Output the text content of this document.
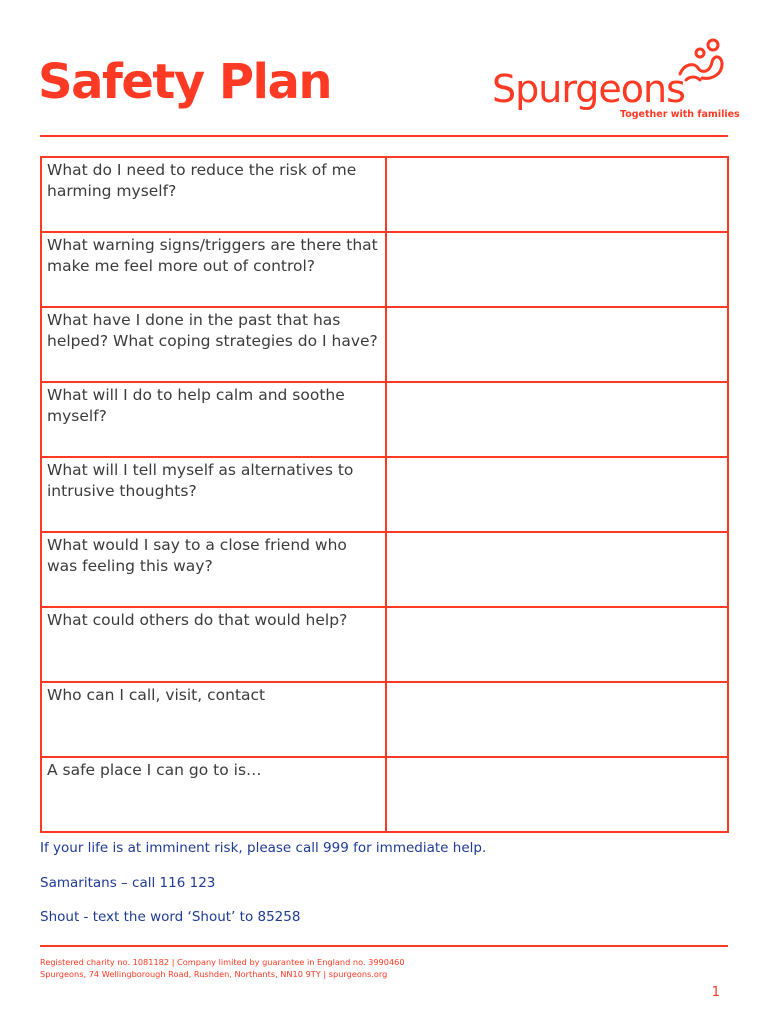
Safety Plan	Spurgeons
Together with families
What do I need to reduce the risk of me harming myself?	
What warning signs/triggers are there that make me feel more out of control?	
What have I done in the past that has helped? What coping strategies do I have?	
What will I do to help calm and soothe myself?	
What will I tell myself as alternatives to intrusive thoughts?	
What would I say to a close friend who was feeling this way?	
What could others do that would help?	
Who can I call, visit, contact	
A safe place I can go to is…	
If your life is at imminent risk, please call 999 for immediate help.
Samaritans – call 116 123
Shout - text the word ‘Shout’ to 85258
Registered charity no. 1081182 | Company limited by guarantee in England no. 3990460
Spurgeons, 74 Wellingborough Road, Rushden, Northants, NN10 9TY | spurgeons.org
1
